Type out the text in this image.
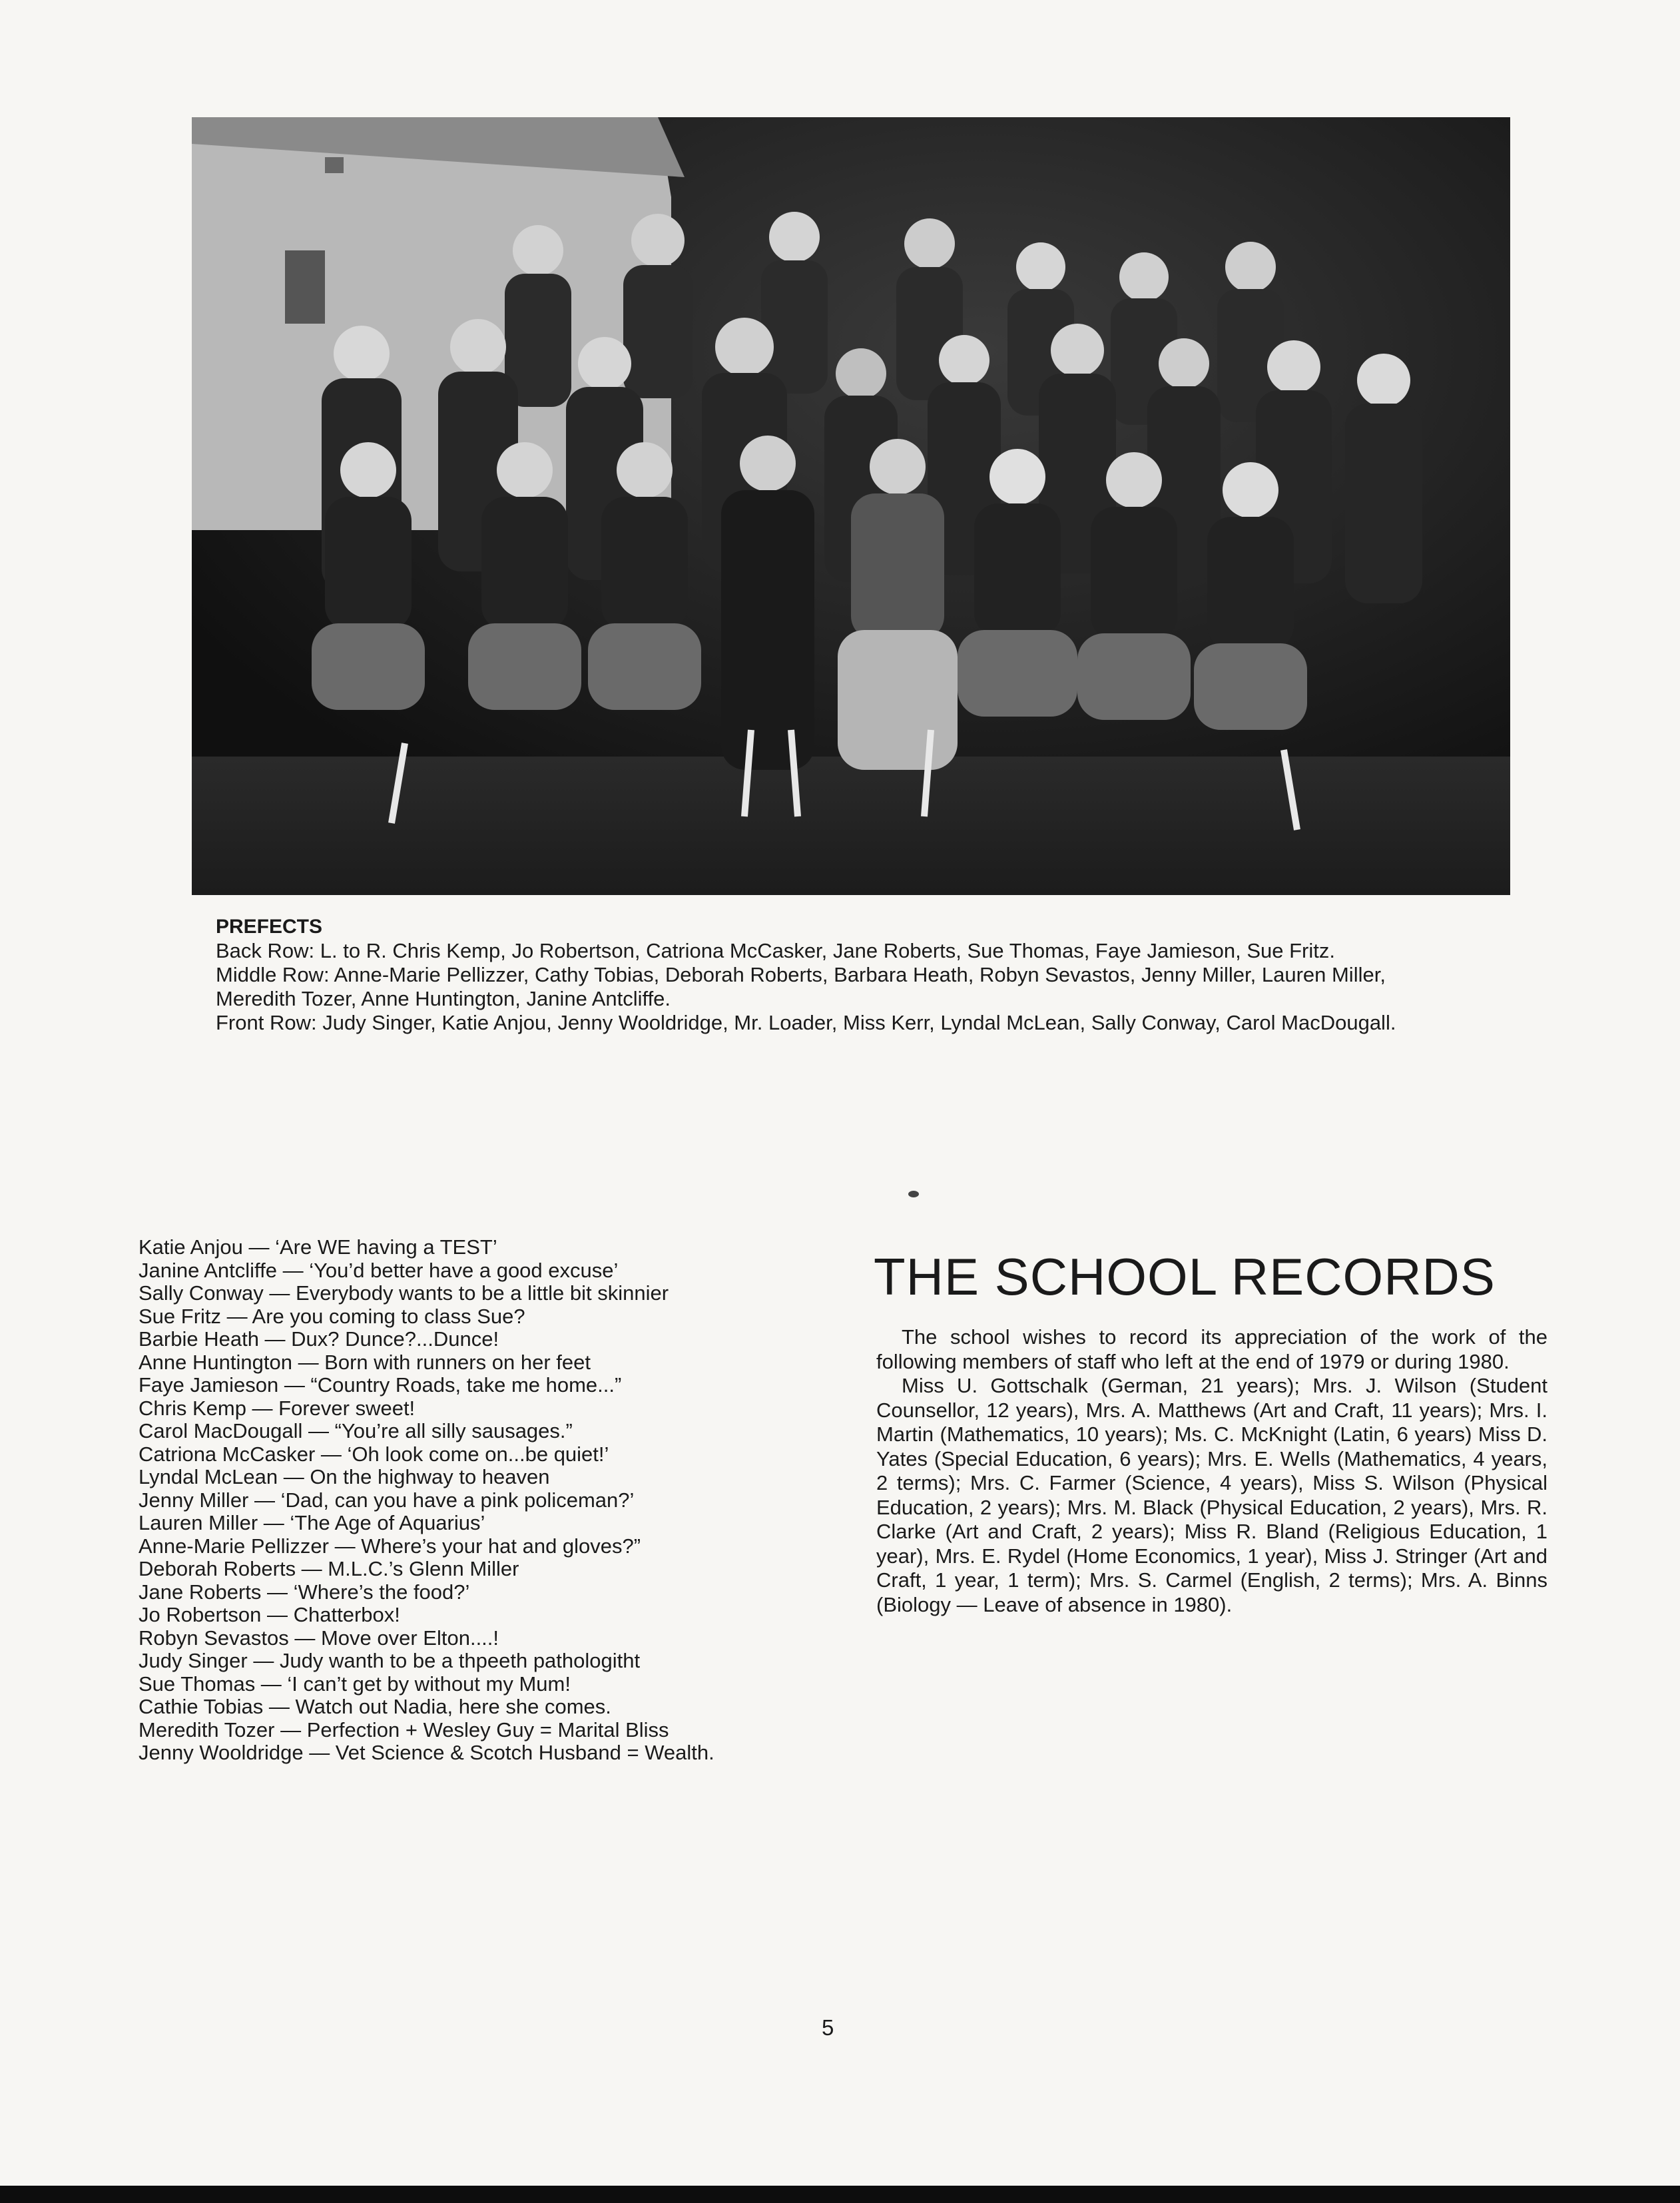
PREFECTS

Back Row: L. to R. Chris Kemp, Jo Robertson, Catriona McCasker, Jane Roberts, Sue Thomas, Faye Jamieson, Sue Fritz.

Middle Row: Anne-Marie Pellizzer, Cathy Tobias, Deborah Roberts, Barbara Heath, Robyn Sevastos, Jenny Miller, Lauren Miller, Meredith Tozer, Anne Huntington, Janine Antcliffe.

Front Row: Judy Singer, Katie Anjou, Jenny Wooldridge, Mr. Loader, Miss Kerr, Lyndal McLean, Sally Conway, Carol MacDougall.

Katie Anjou — ‘Are WE having a TEST’
Janine Antcliffe — ‘You’d better have a good excuse’
Sally Conway — Everybody wants to be a little bit skinnier
Sue Fritz — Are you coming to class Sue?
Barbie Heath — Dux? Dunce?...Dunce!
Anne Huntington — Born with runners on her feet
Faye Jamieson — “Country Roads, take me home...”
Chris Kemp — Forever sweet!
Carol MacDougall — “You’re all silly sausages.”
Catriona McCasker — ‘Oh look come on...be quiet!’
Lyndal McLean — On the highway to heaven
Jenny Miller — ‘Dad, can you have a pink policeman?’
Lauren Miller — ‘The Age of Aquarius’
Anne-Marie Pellizzer — Where’s your hat and gloves?”
Deborah Roberts — M.L.C.’s Glenn Miller
Jane Roberts — ‘Where’s the food?’
Jo Robertson — Chatterbox!
Robyn Sevastos — Move over Elton....!
Judy Singer — Judy wanth to be a thpeeth pathologitht
Sue Thomas — ‘I can’t get by without my Mum!
Cathie Tobias — Watch out Nadia, here she comes.
Meredith Tozer — Perfection + Wesley Guy = Marital Bliss
Jenny Wooldridge — Vet Science & Scotch Husband = Wealth.
THE SCHOOL RECORDS

The school wishes to record its appreciation of the work of the following members of staff who left at the end of 1979 or during 1980.

Miss U. Gottschalk (German, 21 years); Mrs. J. Wilson (Student Counsellor, 12 years), Mrs. A. Matthews (Art and Craft, 11 years); Mrs. I. Martin (Mathematics, 10 years); Ms. C. McKnight (Latin, 6 years) Miss D. Yates (Special Education, 6 years); Mrs. E. Wells (Mathematics, 4 years, 2 terms); Mrs. C. Farmer (Science, 4 years), Miss S. Wilson (Physical Education, 2 years); Mrs. M. Black (Physical Education, 2 years), Mrs. R. Clarke (Art and Craft, 2 years); Miss R. Bland (Religious Education, 1 year), Mrs. E. Rydel (Home Economics, 1 year), Miss J. Stringer (Art and Craft, 1 year, 1 term); Mrs. S. Carmel (English, 2 terms); Mrs. A. Binns (Biology — Leave of absence in 1980).

5
